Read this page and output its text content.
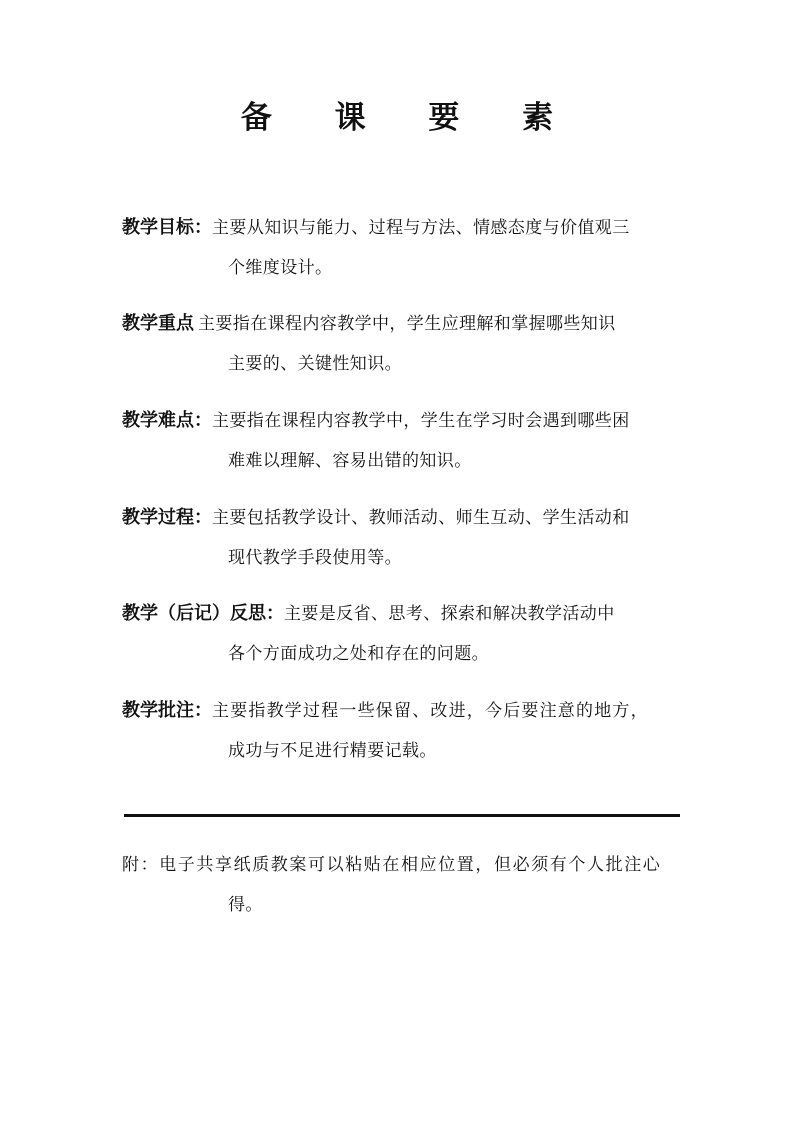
备 课 要 素
教学目标：主要从知识与能力、过程与方法、情感态度与价值观三
个维度设计。
教学重点 主要指在课程内容教学中，学生应理解和掌握哪些知识
主要的、关键性知识。
教学难点：主要指在课程内容教学中，学生在学习时会遇到哪些困
难难以理解、容易出错的知识。
教学过程：主要包括教学设计、教师活动、师生互动、学生活动和
现代教学手段使用等。
教学（后记）反思：主要是反省、思考、探索和解决教学活动中
各个方面成功之处和存在的问题。
教学批注：主要指教学过程一些保留、改进，今后要注意的地方，
成功与不足进行精要记载。
附：电子共享纸质教案可以粘贴在相应位置，但必须有个人批注心
得。
